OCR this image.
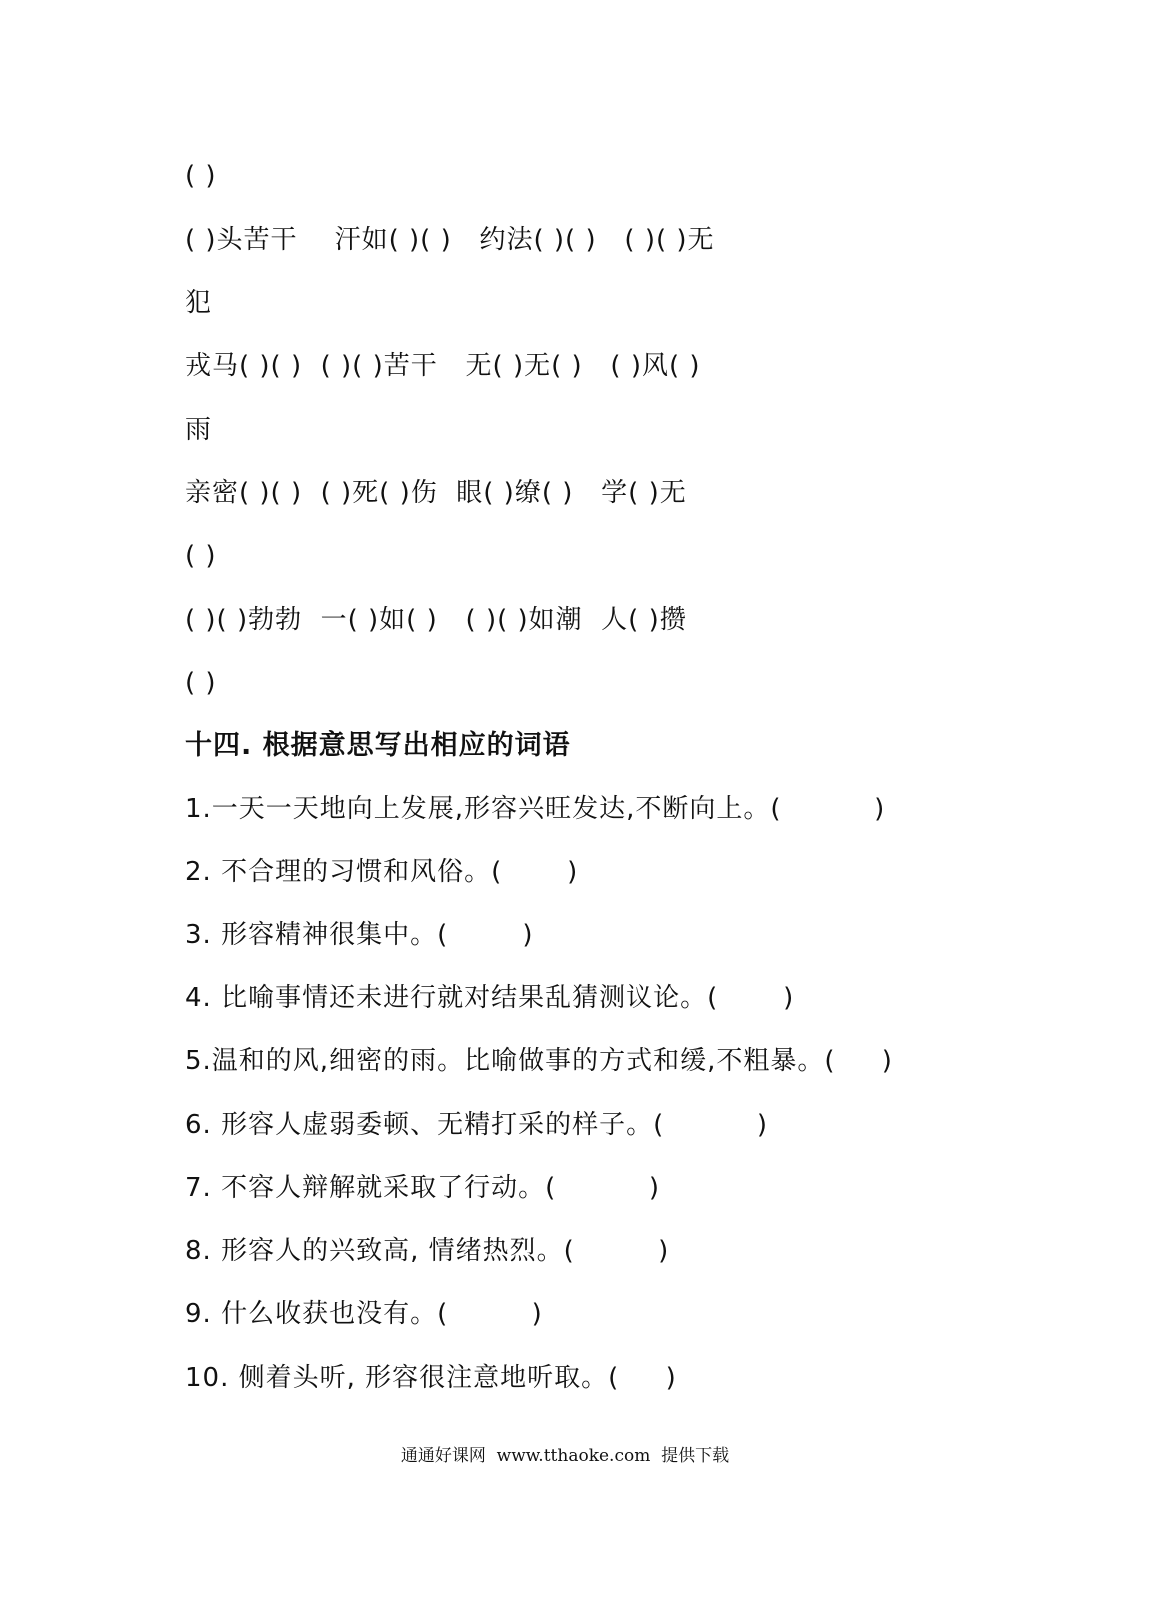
( )
( )头苦干    汗如( )( )   约法( )( )   ( )( )无
犯
戎马( )( )  ( )( )苦干   无( )无( )   ( )风( )
雨
亲密( )( )  ( )死( )伤  眼( )缭( )   学( )无
( )
( )( )勃勃  一( )如( )   ( )( )如潮  人( )攒
( )
十四. 根据意思写出相应的词语
1.一天一天地向上发展,形容兴旺发达,不断向上。(          )
2. 不合理的习惯和风俗。(       )
3. 形容精神很集中。(        )
4. 比喻事情还未进行就对结果乱猜测议论。(       )
5.温和的风,细密的雨。比喻做事的方式和缓,不粗暴。(     )
6. 形容人虚弱委顿、无精打采的样子。(          )
7. 不容人辩解就采取了行动。(          )
8. 形容人的兴致高, 情绪热烈。(         )
9. 什么收获也没有。(         )
10. 侧着头听, 形容很注意地听取。(     )
通通好课网  www.tthaoke.com  提供下载
